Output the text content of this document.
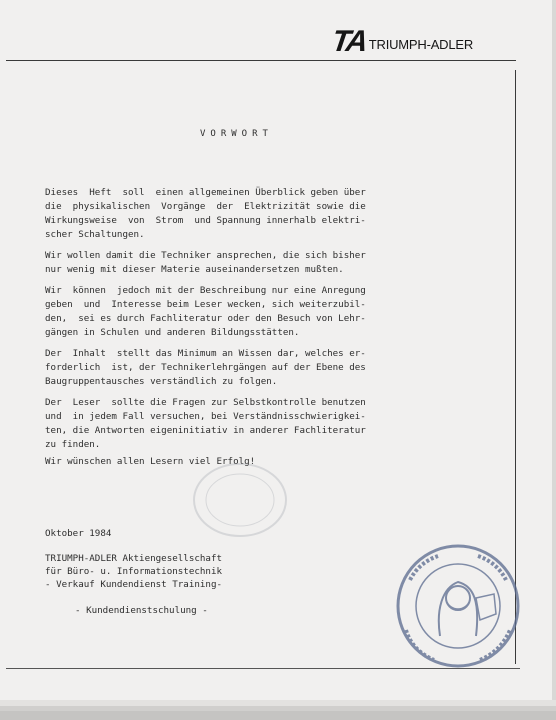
TA TRIUMPH-ADLER
VORWORT
Dieses  Heft  soll  einen allgemeinen Überblick geben über
die  physikalischen  Vorgänge  der  Elektrizität sowie die
Wirkungsweise  von  Strom  und Spannung innerhalb elektri-
scher Schaltungen.
Wir wollen damit die Techniker ansprechen, die sich bisher
nur wenig mit dieser Materie auseinandersetzen mußten.
Wir  können  jedoch mit der Beschreibung nur eine Anregung
geben  und  Interesse beim Leser wecken, sich weiterzubil-
den,  sei es durch Fachliteratur oder den Besuch von Lehr-
gängen in Schulen und anderen Bildungsstätten.
Der  Inhalt  stellt das Minimum an Wissen dar, welches er-
forderlich  ist, der Technikerlehrgängen auf der Ebene des
Baugruppentausches verständlich zu folgen.
Der  Leser  sollte die Fragen zur Selbstkontrolle benutzen
und  in jedem Fall versuchen, bei Verständnisschwierigkei-
ten, die Antworten eigeninitiativ in anderer Fachliteratur
zu finden.
Wir wünschen allen Lesern viel Erfolg!
Oktober 1984
TRIUMPH-ADLER Aktiengesellschaft
für Büro- u. Informationstechnik
- Verkauf Kundendienst Training-
- Kundendienstschulung -
